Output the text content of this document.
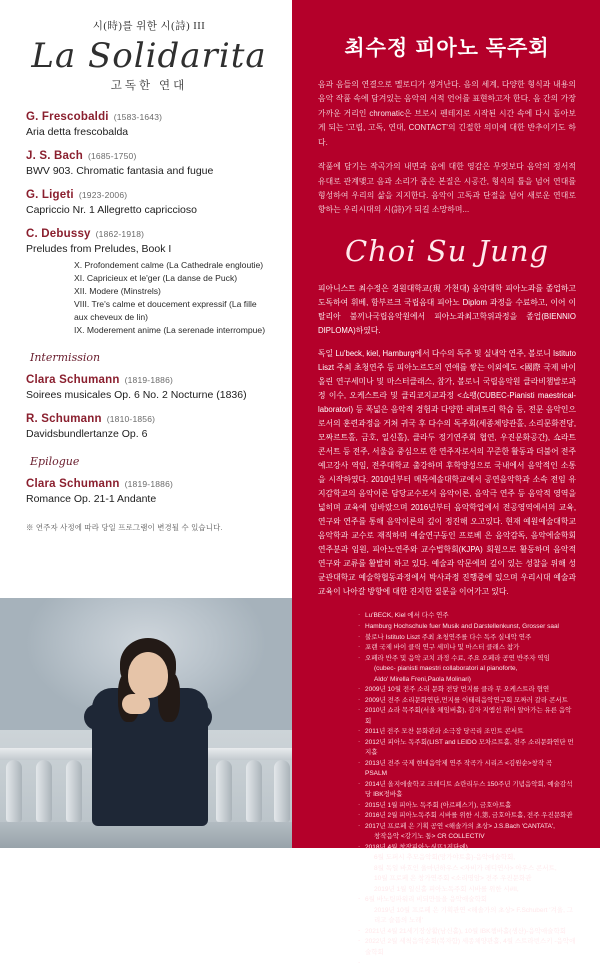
시(時)를 위한 시(詩) III
La Solidarita
고독한 연대
G. Frescobaldi (1583-1643)
Aria detta frescobalda
J. S. Bach (1685-1750)
BWV 903. Chromatic fantasia and fugue
G. Ligeti (1923-2006)
Capriccio Nr. 1 Allegretto capriccioso
C. Debussy (1862-1918)
Preludes from Preludes, Book I
X. Profondement calme (La Cathedrale engloutie)
XI. Capricieux et le'ger (La danse de Puck)
XII. Modere (Minstrels)
VIII. Tre's calme et doucement expressif (La fille aux cheveux de lin)
IX. Moderement anime (La serenade interrompue)
Intermission
Clara Schumann (1819-1886)
Soirees musicales Op. 6 No. 2 Nocturne (1836)
R. Schumann (1810-1856)
Davidsbundlertanze Op. 6
Epilogue
Clara Schumann (1819-1886)
Romance Op. 21-1 Andante
※ 연주자 사정에 따라 당일 프로그램이 변경될 수 있습니다.
최수정 피아노 독주회
음과 음들의 연결으로 멜로디가 생겨난다. 음의 세계, 다양한 형식과 내용의 음악 작품 속에 담겨있는 음악의 서적 언어를 표현하고자 한다. 음 간의 가장 가까운 거리인 chromatic은 브로시 펜테지로 시작된 시간 속에 다시 돌아보게 되는 '고립, 고독, 연대, CONTACT'의 긴절한 의미에 대한 반추이기도 하다.
작품에 담기는 작곡가의 내면과 음에 대한 영감은 무엇보다 음악의 정서적 유대로 관계맺고 음과 소리가 좁은 본질은 시공간, 형식의 틀을 넘어 연대를 형성하여 우리의 삶을 지지한다. 음악이 고독과 단절을 넘어 새로운 연대로 향하는 우리시대의 시(詩)가 되길 소망하며...
Choi Su Jung
피아니스트 최수정은 경원대학교(現 가천대) 음악대학 피아노과를 졸업하고 도독하여 휘베, 함부르크 국립음대 피아노 Diplom 과정을 수료하고, 이어 이탈리아 불끼나국립음악원에서 피아노과최고학위과정을 졸업(BIENNIO DIPLOMA)하였다.
독일 Lu'beck, kiel, Hamburg에서 다수의 독주 및 실내악 연주, 볼로니 Istituto Liszt 주최 초청연주 등 피아노르도의 연애를 쌓는 이외에도 <國際 국제 바이올린 연구세미나 및 마스터클래스, 참가, 볼로니 국립음악원 클라비챔발로과정 이수, 오케스트라 및 클리코지교과정 <쇼팽(CUBEC-Pianisti maestrical-laboratori) 등 폭넓은 음악적 경험과 다양한 레퍼토리 학습 등, 전문 음악인으로서의 훈련과정을 거쳐 귀국 후 다수의 독주회(세종체양관홀, 소리문화전당, 모짜르트홀, 금호, 일신홀), 클라두 정기연주회 협연, 우진문화공간), 쇼라트 콘서트 등 전주, 서울을 중심으로 한 연주자로서의 꾸준한 활동과 더불어 전주 예고강사 역임, 전주대학교 출강하며 후학양성으로 국내에서 음악적인 소통을 시작하였다. 2010년부터 메목에솔대학교에서 공연음악학과 소속 전임 유지감학교의 음악이론 담당교수로서 음악이론, 음악극 연주 등 음악적 영역을 넓히며 교육에 임바랐으며 2016년부터 음악학업에서 전공영역에서의 교육, 연구와 연주를 통해 음악이론의 깊이 정진해 오고있다. 현재 예원예술대학교 음악학과 교수로 재직하며 예술연구동인 프로베 은 음악감독, 음악에술학회 연주분과 임원, 피아노연주와 교수법학회(KJPA) 회원으로 활동하며 음악적 연구와 교류를 활발히 하고 있다. 예술과 악문에의 깊이 있는 성찰을 위해 성균관대학교 예술학협동과정에서 박사과정 진행중에 있으며 우리시대 예술과 교육이 나아갈 방향에 대한 진지한 질문을 이어가고 있다.
· Lu'BECK, Kiel 에서 다수 연주
· Hamburg Hochschule fuer Musik and Darstellenkunst, Grosser saal
· 불로나 Istituto Liszt 주최 초청연주를 다수 독주 실내악 연주
· 포랜 국제 바이 클릭 연구 세미나 및 마스터 클래스 참가
· 오페라 반주 및 음악 코치 과정 수료, 주요 오페라 공연 반주자 역임
(cubec- pianisti maestri collaboratori al pianoforte,
Aldo' Mirella Freni,Paola Molinari)
· 2009년 10월 전주 소리 문화 전당 먼지를 클라 무 오케스트라 협연
· 2009년 전주 소리문화연단,먼지를 이태리음악연구회 모짜러 갈라 콘서트
· 2010년 쇼라 목주회(서울 체임버홀), 김자 지엠선 휘어 알아가는 유른 음악회
· 2011년 전주 모찬 문화관과 소극장 당곡리 조민트 콘서트
· 2012년 피아노 독주회(LIST and LEIDO 모차르트홀, 전주 소리문화연단 먼지홀
· 2013년 전주 국제 현대음악제 연주 작곡가 시리즈 <김원순>창작 곡 PSALM
· 2014년 올지에솔학교 크레디트 쇼란리두스 150주년 기념음악회, 예술감석당 IBK정바홀
· 2015년 1월 피아노 독주회 (아르페스기), 금호아트홀
· 2016년 2월 피아노독주회 시바를 위한 시,第, 금호아트홀, 전주 우진문화관
· 2017년 프로페 은 기획 공연 <해솔가의 초상> J.S.Bach 'CANTATA',
창작음악 <강기노 통> CR COLLECTIV
· 2018년 4월 창작피아노싱뜨1진단에),
6월 도퍼시 추모음악회(망가야트홀)-음악애술학회,
8월 독일 바흐인 울마년하우스 <자비가 레디연사> 아우스 콘서트,
10월 프로페 은 창가연주회 <소리명암> 전주 우진문화관
2019년 1월 일신홀 피아노독주회 시바를 위한 시#II,
· 6월 바노팅파워리 비되만들을 음악애술학회
2019년 10월 프로페 은 기획관연 <해솔가의 초상> F.Schubert '겨울, 그리고 슬픔의 노래'
· 2021년 4월 21세기장상활(남신홀), 10월 IBK챔바홀(생산)-음악애술학회
· 2022년 2월 세척음악순회(복자함) 세종체양관홀, 4월 스트라빈스키 -음악애술학회
